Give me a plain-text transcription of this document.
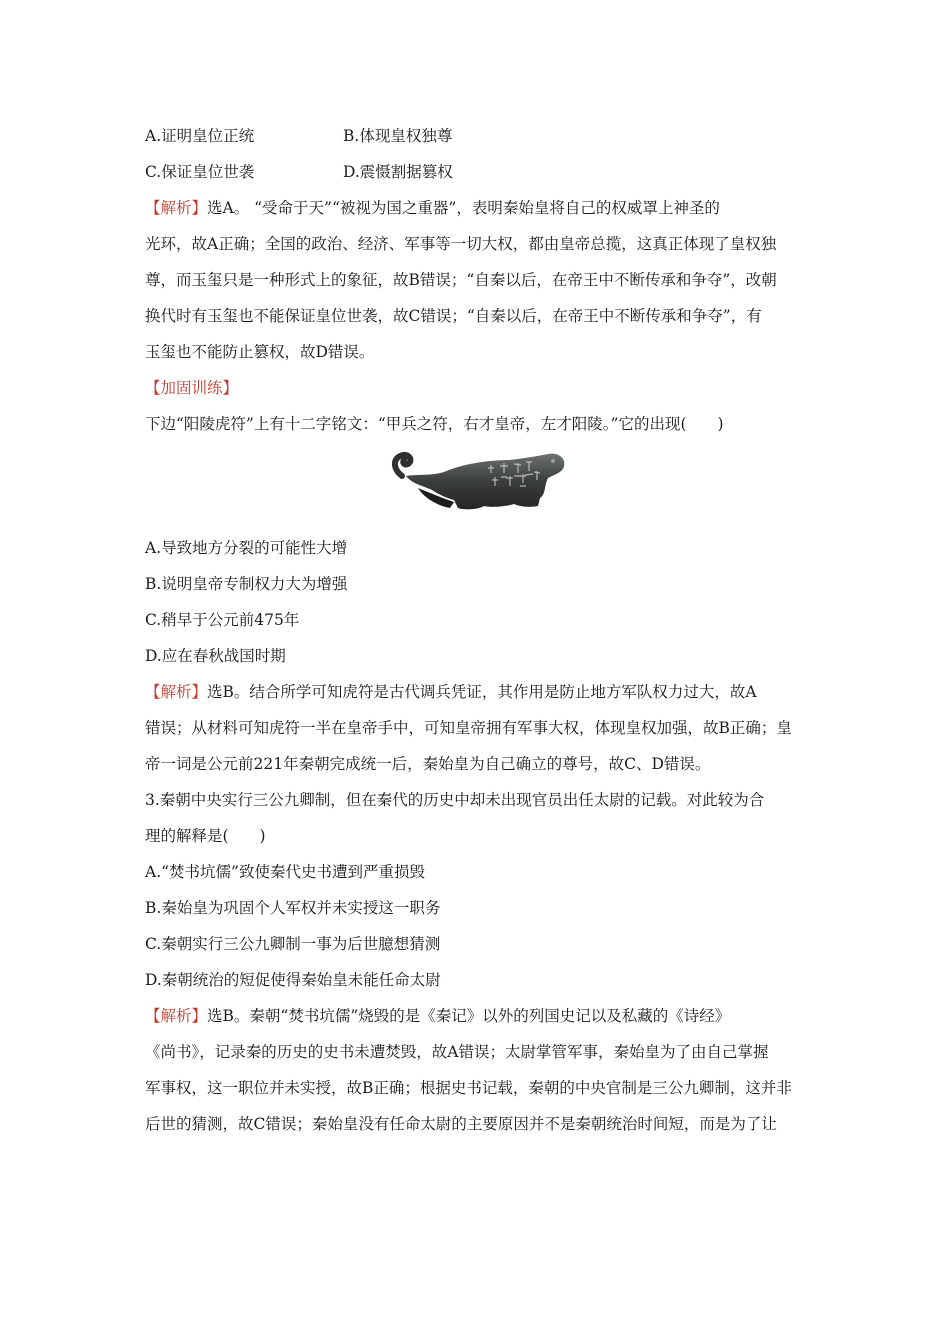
A.证明皇位正统	B.体现皇权独尊
C.保证皇位世袭	D.震慑割据篡权
【解析】选A。 “受命于天”“被视为国之重器”，表明秦始皇将自己的权威罩上神圣的
光环，故A正确；全国的政治、经济、军事等一切大权，都由皇帝总揽，这真正体现了皇权独
尊，而玉玺只是一种形式上的象征，故B错误；“自秦以后，在帝王中不断传承和争夺”，改朝
换代时有玉玺也不能保证皇位世袭，故C错误；“自秦以后，在帝王中不断传承和争夺”，有
玉玺也不能防止篡权，故D错误。
【加固训练】
下边“阳陵虎符”上有十二字铭文：“甲兵之符，右才皇帝，左才阳陵。”它的出现(　　)
A.导致地方分裂的可能性大增
B.说明皇帝专制权力大为增强
C.稍早于公元前475年
D.应在春秋战国时期
【解析】选B。结合所学可知虎符是古代调兵凭证，其作用是防止地方军队权力过大，故A
错误；从材料可知虎符一半在皇帝手中，可知皇帝拥有军事大权，体现皇权加强，故B正确；皇
帝一词是公元前221年秦朝完成统一后，秦始皇为自己确立的尊号，故C、D错误。
3.秦朝中央实行三公九卿制，但在秦代的历史中却未出现官员出任太尉的记载。对此较为合
理的解释是(　　)
A.“焚书坑儒”致使秦代史书遭到严重损毁
B.秦始皇为巩固个人军权并未实授这一职务
C.秦朝实行三公九卿制一事为后世臆想猜测
D.秦朝统治的短促使得秦始皇未能任命太尉
【解析】选B。秦朝“焚书坑儒”烧毁的是《秦记》以外的列国史记以及私藏的《诗经》
《尚书》，记录秦的历史的史书未遭焚毁，故A错误；太尉掌管军事，秦始皇为了由自己掌握
军事权，这一职位并未实授，故B正确；根据史书记载，秦朝的中央官制是三公九卿制，这并非
后世的猜测，故C错误；秦始皇没有任命太尉的主要原因并不是秦朝统治时间短，而是为了让
